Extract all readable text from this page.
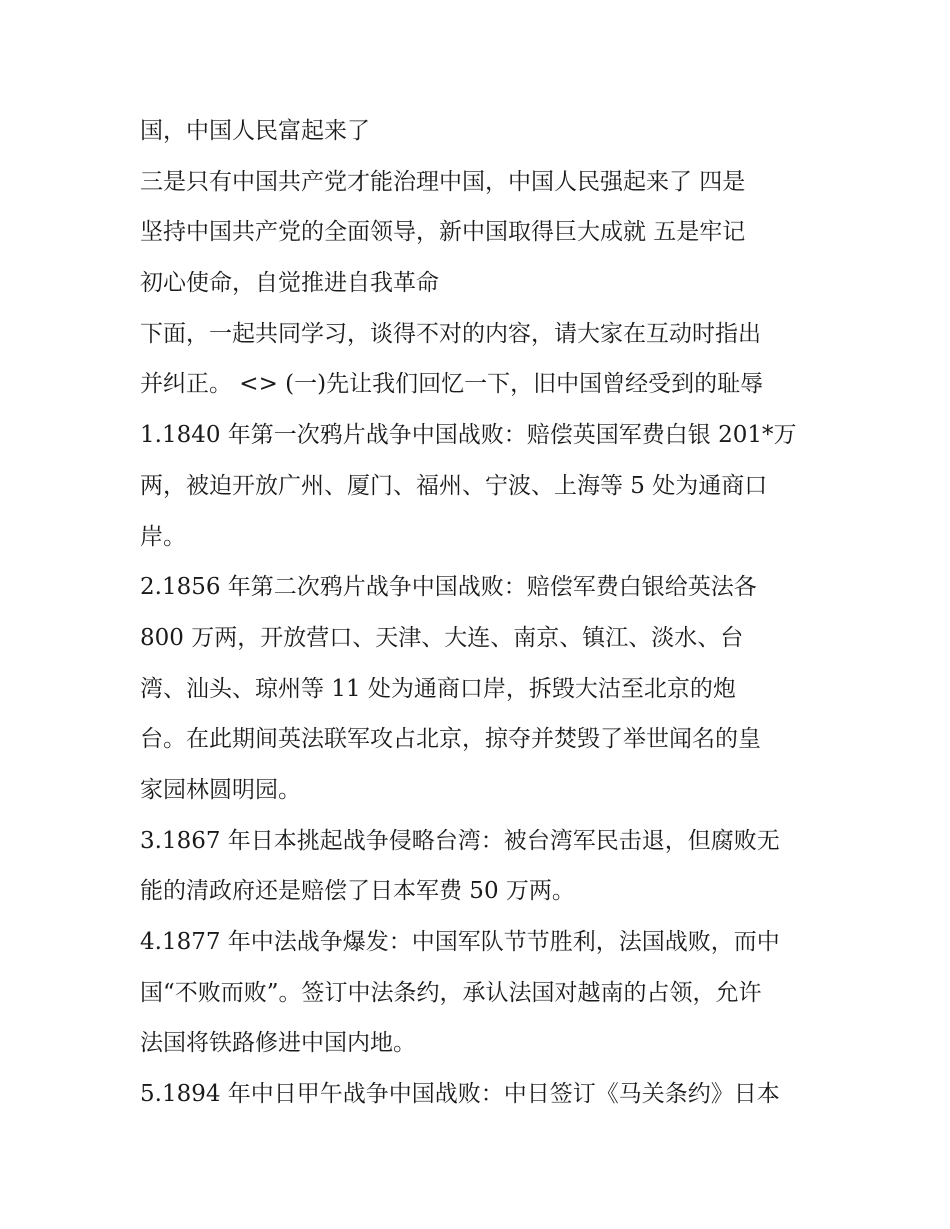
国，中国人民富起来了
三是只有中国共产党才能治理中国，中国人民强起来了 四是
坚持中国共产党的全面领导，新中国取得巨大成就 五是牢记
初心使命，自觉推进自我革命
下面，一起共同学习，谈得不对的内容，请大家在互动时指出
并纠正。 <> (一)先让我们回忆一下，旧中国曾经受到的耻辱
1.1840 年第一次鸦片战争中国战败：赔偿英国军费白银 201*万
两，被迫开放广州、厦门、福州、宁波、上海等 5 处为通商口
岸。
2.1856 年第二次鸦片战争中国战败：赔偿军费白银给英法各
800 万两，开放营口、天津、大连、南京、镇江、淡水、台
湾、汕头、琼州等 11 处为通商口岸，拆毁大沽至北京的炮
台。在此期间英法联军攻占北京，掠夺并焚毁了举世闻名的皇
家园林圆明园。
3.1867 年日本挑起战争侵略台湾：被台湾军民击退，但腐败无
能的清政府还是赔偿了日本军费 50 万两。
4.1877 年中法战争爆发：中国军队节节胜利，法国战败，而中
国“不败而败”。签订中法条约，承认法国对越南的占领，允许
法国将铁路修进中国内地。
5.1894 年中日甲午战争中国战败：中日签订《马关条约》日本
